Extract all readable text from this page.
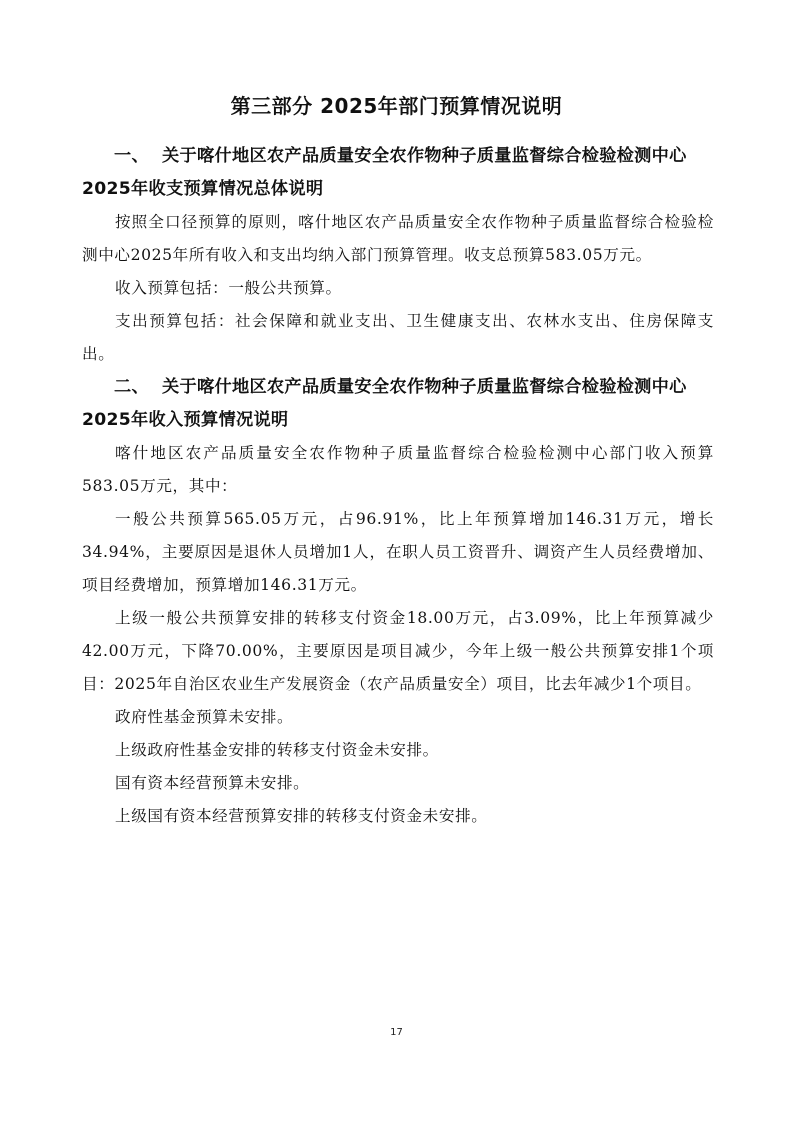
第三部分 2025年部门预算情况说明

一、 关于喀什地区农产品质量安全农作物种子质量监督综合检验检测中心2025年收支预算情况总体说明

按照全口径预算的原则，喀什地区农产品质量安全农作物种子质量监督综合检验检测中心2025年所有收入和支出均纳入部门预算管理。收支总预算583.05万元。

收入预算包括：一般公共预算。

支出预算包括：社会保障和就业支出、卫生健康支出、农林水支出、住房保障支出。

二、 关于喀什地区农产品质量安全农作物种子质量监督综合检验检测中心2025年收入预算情况说明

喀什地区农产品质量安全农作物种子质量监督综合检验检测中心部门收入预算583.05万元，其中：

一般公共预算565.05万元，占96.91%，比上年预算增加146.31万元，增长34.94%，主要原因是退休人员增加1人，在职人员工资晋升、调资产生人员经费增加、项目经费增加，预算增加146.31万元。

上级一般公共预算安排的转移支付资金18.00万元，占3.09%，比上年预算减少42.00万元，下降70.00%，主要原因是项目减少，今年上级一般公共预算安排1个项目：2025年自治区农业生产发展资金（农产品质量安全）项目，比去年减少1个项目。

政府性基金预算未安排。

上级政府性基金安排的转移支付资金未安排。

国有资本经营预算未安排。

上级国有资本经营预算安排的转移支付资金未安排。

17
